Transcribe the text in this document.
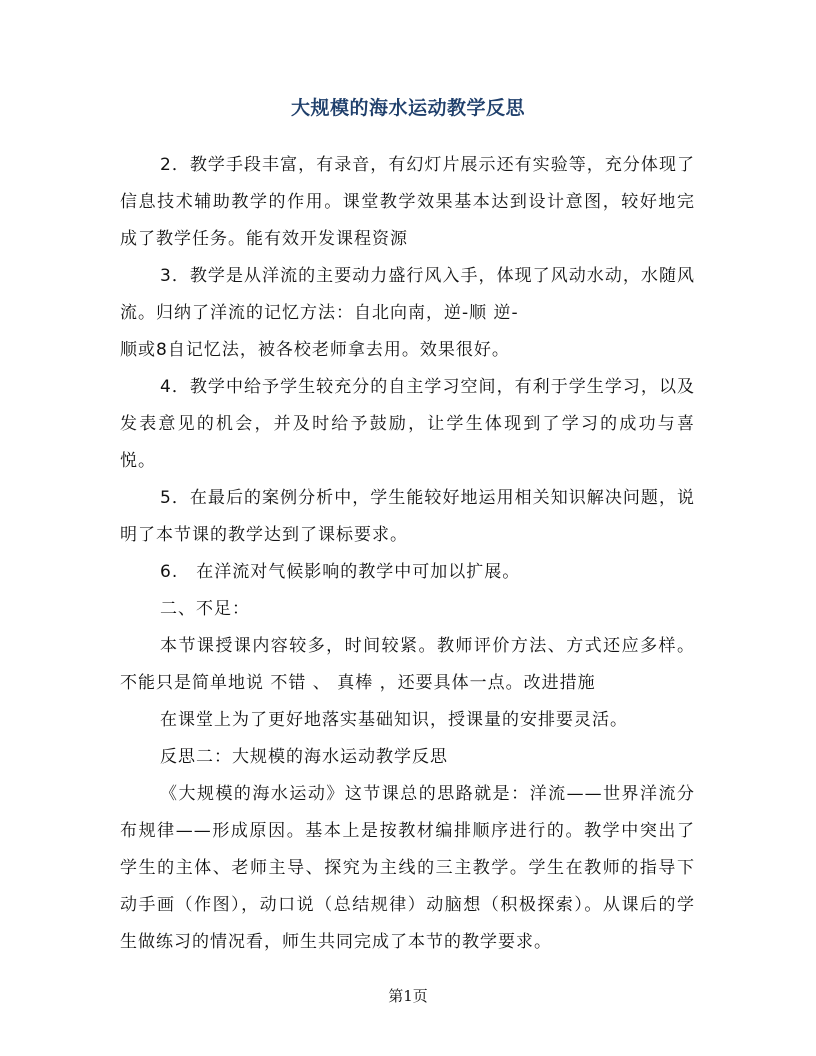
大规模的海水运动教学反思

2．教学手段丰富，有录音，有幻灯片展示还有实验等，充分体现了信息技术辅助教学的作用。课堂教学效果基本达到设计意图，较好地完成了教学任务。能有效开发课程资源

3．教学是从洋流的主要动力盛行风入手，体现了风动水动，水随风流。归纳了洋流的记忆方法：自北向南，逆-顺 逆-

顺或8自记忆法，被各校老师拿去用。效果很好。

4．教学中给予学生较充分的自主学习空间，有利于学生学习，以及发表意见的机会，并及时给予鼓励，让学生体现到了学习的成功与喜悦。

5．在最后的案例分析中，学生能较好地运用相关知识解决问题，说明了本节课的教学达到了课标要求。

6.　在洋流对气候影响的教学中可加以扩展。

二、不足：

本节课授课内容较多，时间较紧。教师评价方法、方式还应多样。不能只是简单地说 不错 、 真棒 ，还要具体一点。改进措施

在课堂上为了更好地落实基础知识，授课量的安排要灵活。

反思二：大规模的海水运动教学反思

《大规模的海水运动》这节课总的思路就是：洋流——世界洋流分布规律——形成原因。基本上是按教材编排顺序进行的。教学中突出了学生的主体、老师主导、探究为主线的三主教学。学生在教师的指导下动手画（作图），动口说（总结规律）动脑想（积极探索）。从课后的学生做练习的情况看，师生共同完成了本节的教学要求。

第1页
